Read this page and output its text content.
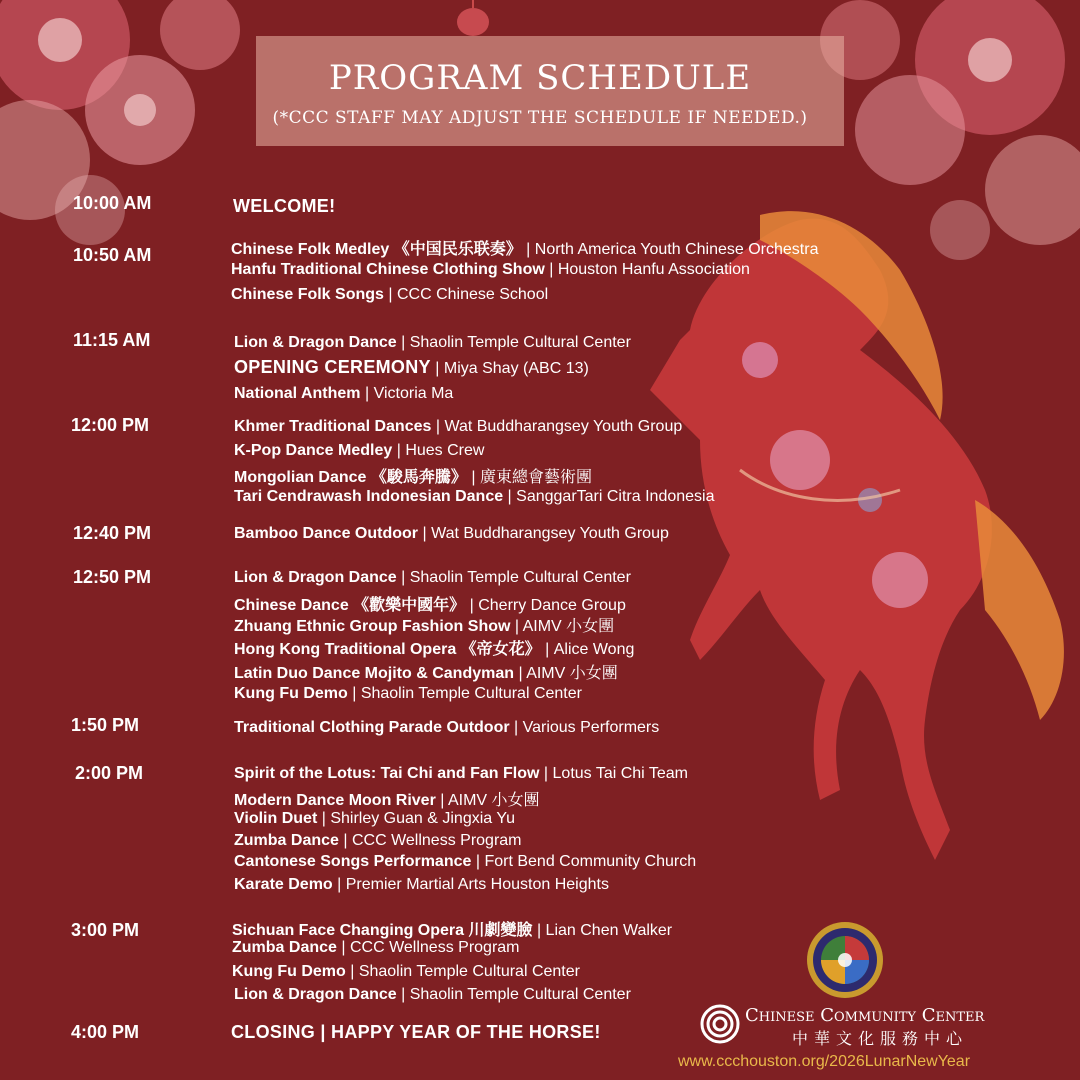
PROGRAM SCHEDULE
(*CCC STAFF MAY ADJUST THE SCHEDULE IF NEEDED.)
10:00 AM	WELCOME!
10:50 AM	Chinese Folk Medley 《中国民乐联奏》 | North America Youth Chinese Orchestra
Hanfu Traditional Chinese Clothing Show | Houston Hanfu Association
Chinese Folk Songs | CCC Chinese School
11:15 AM	Lion & Dragon Dance | Shaolin Temple Cultural Center
OPENING CEREMONY | Miya Shay (ABC 13)
National Anthem | Victoria Ma
12:00 PM	Khmer Traditional Dances | Wat Buddharangsey Youth Group
K-Pop Dance Medley | Hues Crew
Mongolian Dance 《駿馬奔騰》 | 廣東總會藝術團
Tari Cendrawash Indonesian Dance | SanggarTari Citra Indonesia
12:40 PM	Bamboo Dance Outdoor | Wat Buddharangsey Youth Group
12:50 PM	Lion & Dragon Dance | Shaolin Temple Cultural Center
Chinese Dance 《歡樂中國年》 | Cherry Dance Group
Zhuang Ethnic Group Fashion Show | AIMV 小女團
Hong Kong Traditional Opera 《帝女花》 | Alice Wong
Latin Duo Dance Mojito & Candyman | AIMV 小女團
Kung Fu Demo | Shaolin Temple Cultural Center
1:50 PM	Traditional Clothing Parade Outdoor | Various Performers
2:00 PM	Spirit of the Lotus: Tai Chi and Fan Flow | Lotus Tai Chi Team
Modern Dance Moon River | AIMV 小女團
Violin Duet | Shirley Guan & Jingxia Yu
Zumba Dance | CCC Wellness Program
Cantonese Songs Performance | Fort Bend Community Church
Karate Demo | Premier Martial Arts Houston Heights
3:00 PM	Sichuan Face Changing Opera 川劇變臉 | Lian Chen Walker
Zumba Dance | CCC Wellness Program
Kung Fu Demo | Shaolin Temple Cultural Center
Lion & Dragon Dance | Shaolin Temple Cultural Center
4:00 PM	CLOSING | HAPPY YEAR OF THE HORSE!
Chinese Community Center
中華文化服務中心
www.ccchouston.org/2026LunarNewYear
